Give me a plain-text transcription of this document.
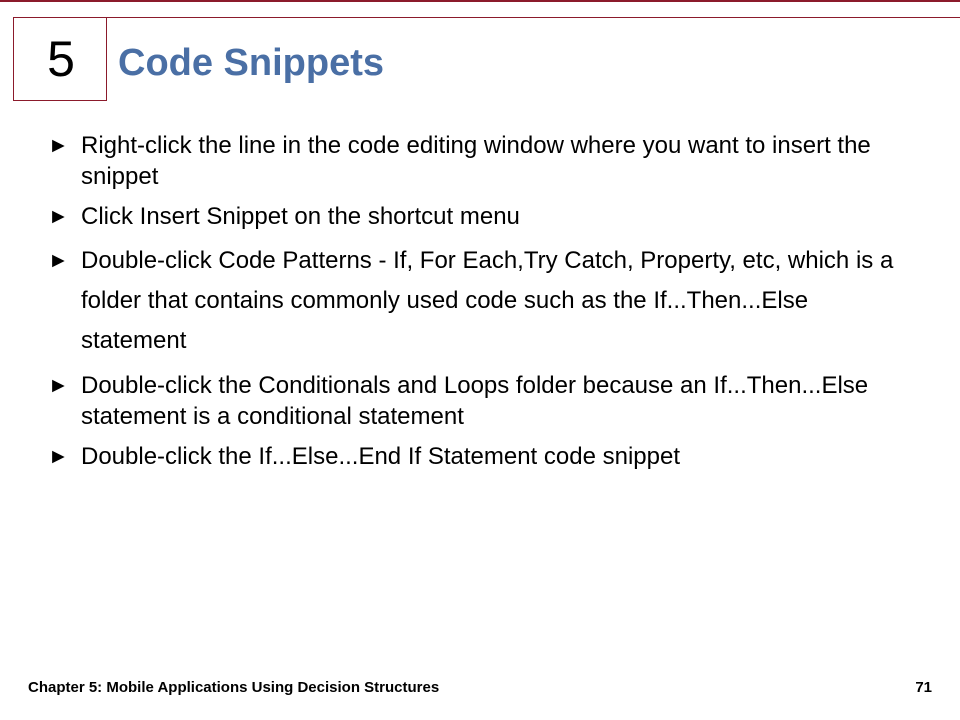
5	Code Snippets
► Right-click the line in the code editing window where you want to insert the snippet
► Click Insert Snippet on the shortcut menu
► Double-click Code Patterns - If, For Each,Try Catch, Property, etc, which is a folder that contains commonly used code such as the If...Then...Else statement
► Double-click the Conditionals and Loops folder because an If...Then...Else statement is a conditional statement
► Double-click the If...Else...End If Statement code snippet
Chapter 5: Mobile Applications Using Decision Structures	71
